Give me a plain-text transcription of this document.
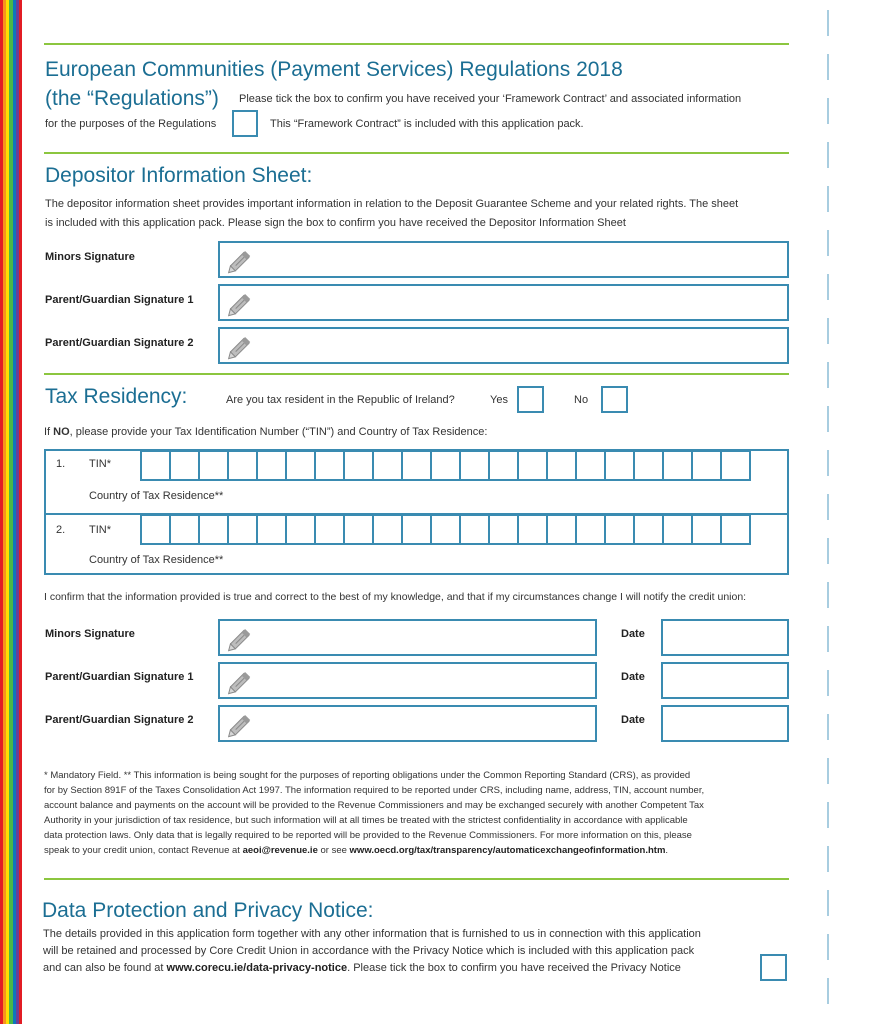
European Communities (Payment Services) Regulations 2018
(the “Regulations”) Please tick the box to confirm you have received your ‘Framework Contract’ and associated information
for the purposes of the Regulations	This “Framework Contract” is included with this application pack.
Depositor Information Sheet:
The depositor information sheet provides important information in relation to the Deposit Guarantee Scheme and your related rights. The sheet
is included with this application pack. Please sign the box to confirm you have received the Depositor Information Sheet
Minors Signature
Parent/Guardian Signature 1
Parent/Guardian Signature 2
Tax Residency:	Are you tax resident in the Republic of Ireland?	Yes	No
If NO, please provide your Tax Identification Number (“TIN”) and Country of Tax Residence:
1. TIN*
Country of Tax Residence**
2. TIN*
Country of Tax Residence**
I confirm that the information provided is true and correct to the best of my knowledge, and that if my circumstances change I will notify the credit union:
Minors Signature	Date
Parent/Guardian Signature 1	Date
Parent/Guardian Signature 2	Date
* Mandatory Field. ** This information is being sought for the purposes of reporting obligations under the Common Reporting Standard (CRS), as provided
for by Section 891F of the Taxes Consolidation Act 1997. The information required to be reported under CRS, including name, address, TIN, account number,
account balance and payments on the account will be provided to the Revenue Commissioners and may be exchanged securely with another Competent Tax
Authority in your jurisdiction of tax residence, but such information will at all times be treated with the strictest confidentiality in accordance with applicable
data protection laws. Only data that is legally required to be reported will be provided to the Revenue Commissioners. For more information on this, please
speak to your credit union, contact Revenue at aeoi@revenue.ie or see www.oecd.org/tax/transparency/automaticexchangeofinformation.htm.
Data Protection and Privacy Notice:
The details provided in this application form together with any other information that is furnished to us in connection with this application
will be retained and processed by Core Credit Union in accordance with the Privacy Notice which is included with this application pack
and can also be found at www.corecu.ie/data-privacy-notice. Please tick the box to confirm you have received the Privacy Notice
